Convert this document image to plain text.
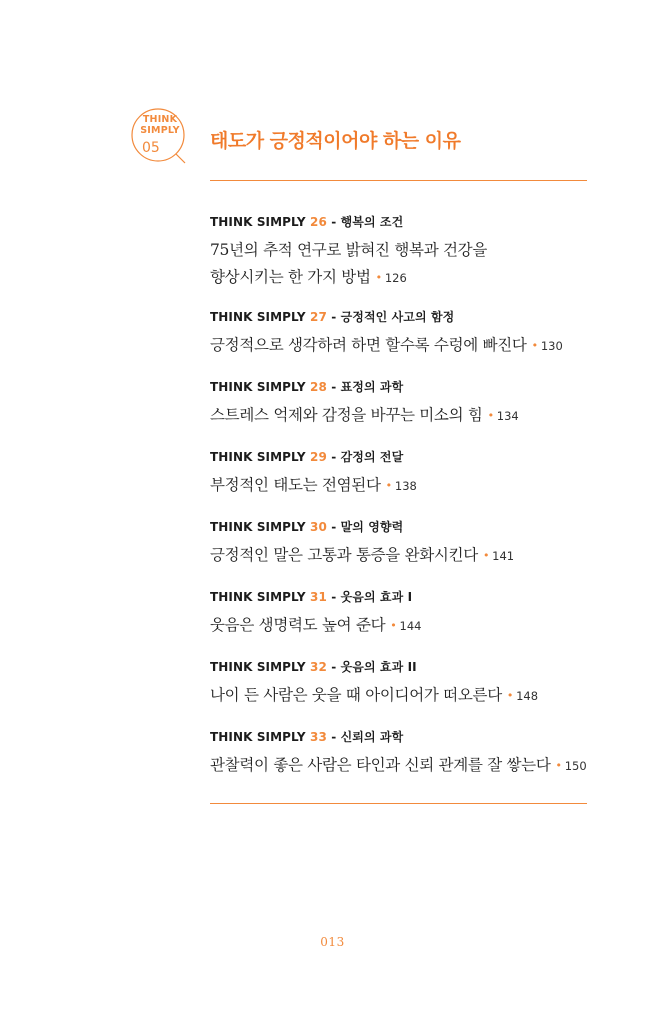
THINK
SIMPLY
05	태도가 긍정적이어야 하는 이유

THINK SIMPLY 26 - 행복의 조건

75년의 추적 연구로 밝혀진 행복과 건강을
향상시키는 한 가지 방법 • 126

THINK SIMPLY 27 - 긍정적인 사고의 함정

긍정적으로 생각하려 하면 할수록 수렁에 빠진다 • 130

THINK SIMPLY 28 - 표정의 과학

스트레스 억제와 감정을 바꾸는 미소의 힘 • 134

THINK SIMPLY 29 - 감정의 전달

부정적인 태도는 전염된다 • 138

THINK SIMPLY 30 - 말의 영향력

긍정적인 말은 고통과 통증을 완화시킨다 • 141

THINK SIMPLY 31 - 웃음의 효과 I

웃음은 생명력도 높여 준다 • 144

THINK SIMPLY 32 - 웃음의 효과 II

나이 든 사람은 웃을 때 아이디어가 떠오른다 • 148

THINK SIMPLY 33 - 신뢰의 과학

관찰력이 좋은 사람은 타인과 신뢰 관계를 잘 쌓는다 • 150

013
